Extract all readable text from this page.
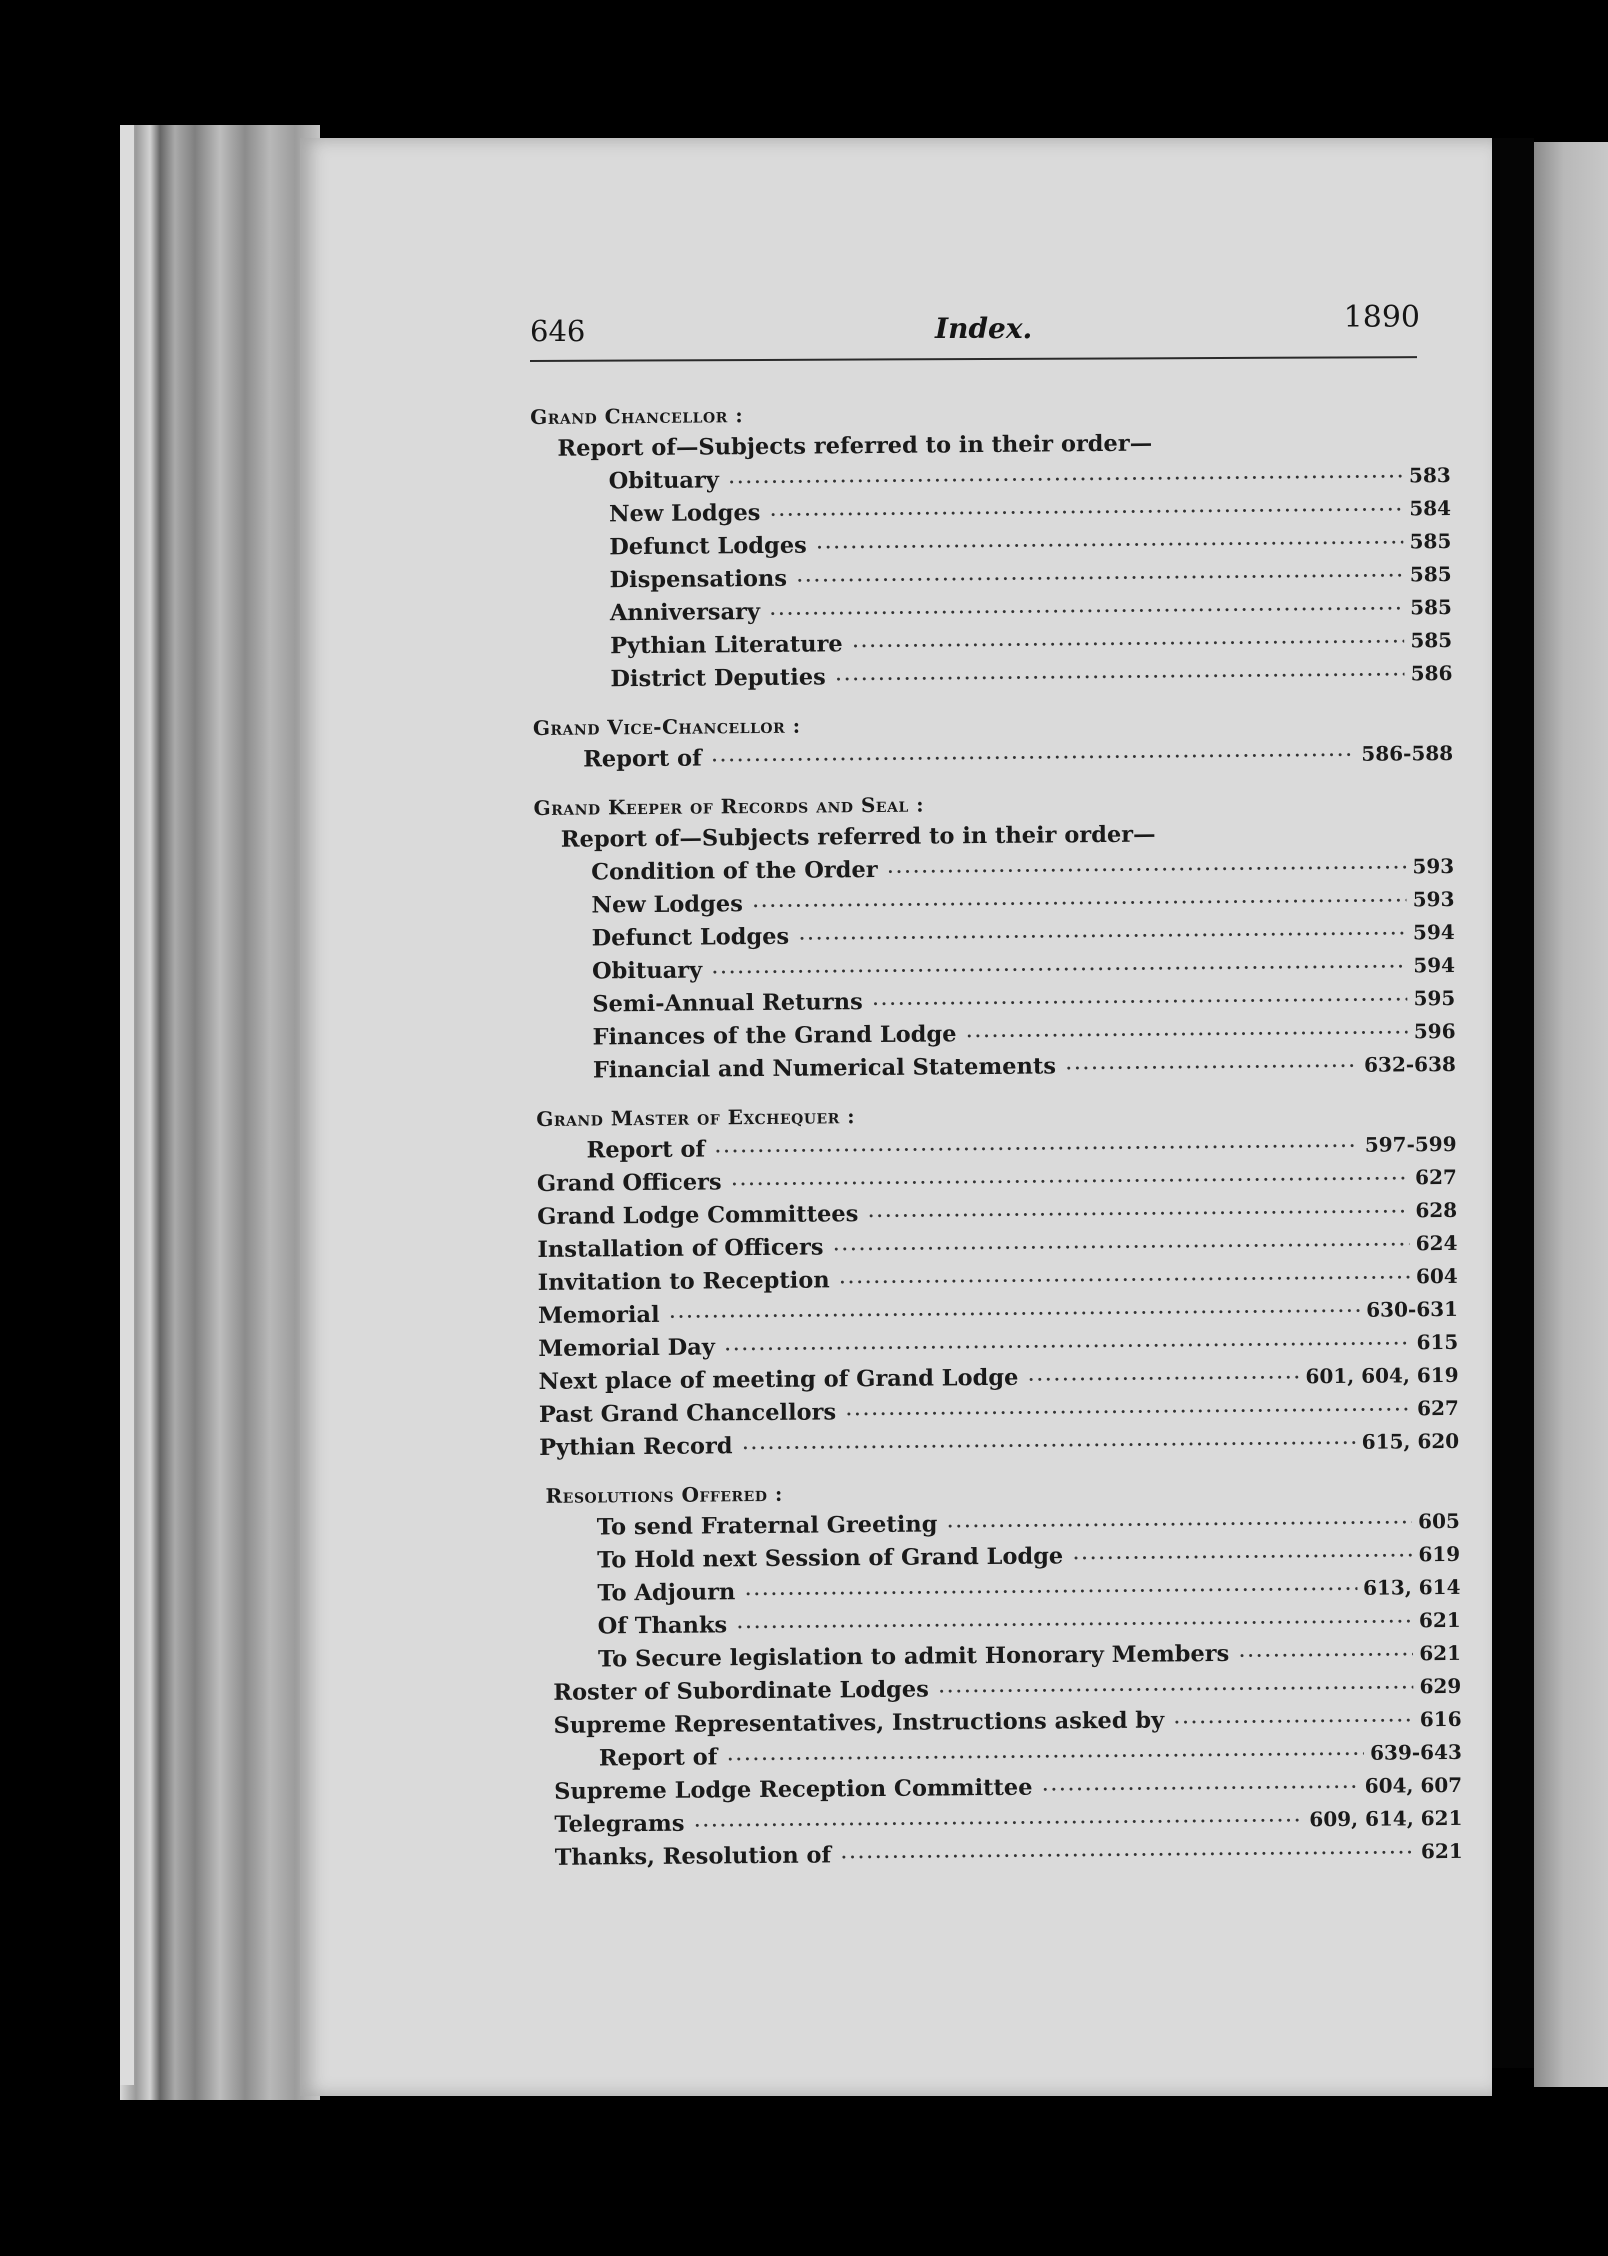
646	Index.	1890
Grand Chancellor :
Report of—Subjects referred to in their order—
Obituary .....	583
New Lodges .....	584
Defunct Lodges .....	585
Dispensations .....	585
Anniversary .....	585
Pythian Literature .....	585
District Deputies .....	586
Grand Vice-Chancellor :
Report of .....	586-588
Grand Keeper of Records and Seal :
Report of—Subjects referred to in their order—
Condition of the Order .....	593
New Lodges .....	593
Defunct Lodges .....	594
Obituary .....	594
Semi-Annual Returns .....	595
Finances of the Grand Lodge .....	596
Financial and Numerical Statements .....	632-638
Grand Master of Exchequer :
Report of .....	597-599
Grand Officers .....	627
Grand Lodge Committees .....	628
Installation of Officers .....	624
Invitation to Reception .....	604
Memorial .....	630-631
Memorial Day .....	615
Next place of meeting of Grand Lodge .....	601, 604, 619
Past Grand Chancellors .....	627
Pythian Record .....	615, 620
Resolutions Offered :
To send Fraternal Greeting .....	605
To Hold next Session of Grand Lodge .....	619
To Adjourn .....	613, 614
Of Thanks .....	621
To Secure legislation to admit Honorary Members .....	621
Roster of Subordinate Lodges .....	629
Supreme Representatives, Instructions asked by .....	616
Report of .....	639-643
Supreme Lodge Reception Committee .....	604, 607
Telegrams .....	609, 614, 621
Thanks, Resolution of .....	621
